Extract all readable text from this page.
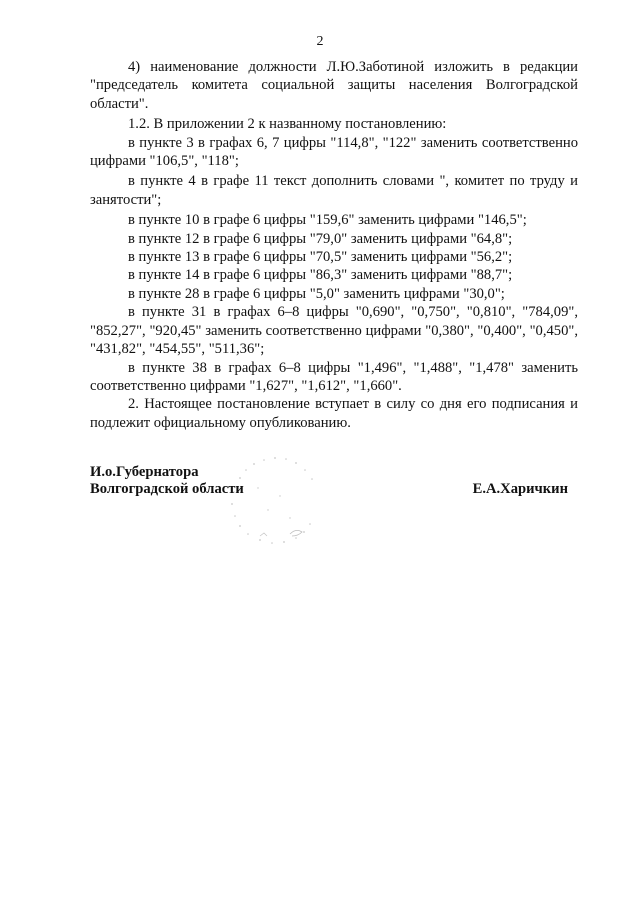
2

4) наименование должности Л.Ю.Заботиной изложить в редакции "председатель комитета социальной защиты населения Волгоградской области".

1.2. В приложении 2 к названному постановлению:

в пункте 3 в графах 6, 7 цифры "114,8", "122" заменить соответственно цифрами "106,5", "118";

в пункте 4 в графе 11 текст дополнить словами ", комитет по труду и занятости";

в пункте 10 в графе 6 цифры "159,6" заменить цифрами "146,5";

в пункте 12 в графе 6 цифры "79,0" заменить цифрами "64,8";

в пункте 13 в графе 6 цифры "70,5" заменить цифрами "56,2";

в пункте 14 в графе 6 цифры "86,3" заменить цифрами "88,7";

в пункте 28 в графе 6 цифры "5,0" заменить цифрами "30,0";

в пункте 31 в графах 6–8 цифры "0,690", "0,750", "0,810", "784,09", "852,27", "920,45" заменить соответственно цифрами "0,380", "0,400", "0,450", "431,82", "454,55", "511,36";

в пункте 38 в графах 6–8 цифры "1,496", "1,488", "1,478" заменить соответственно цифрами "1,627", "1,612", "1,660".

2. Настоящее постановление вступает в силу со дня его подписания и подлежит официальному опубликованию.

И.о.Губернатора
Волгоградской области	Е.А.Харичкин
